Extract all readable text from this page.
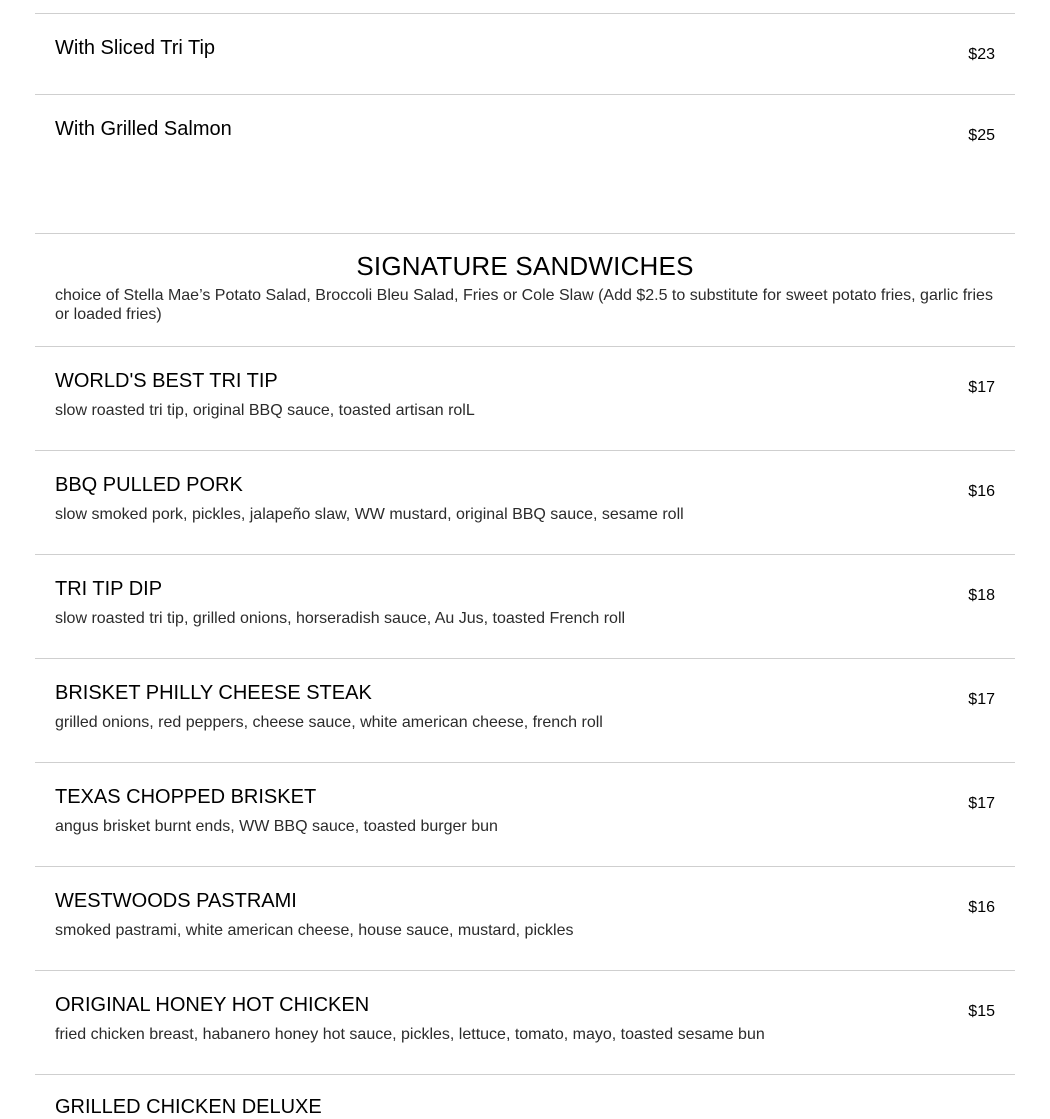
With Sliced Tri Tip	$23
With Grilled Salmon	$25
SIGNATURE SANDWICHES
choice of Stella Mae’s Potato Salad, Broccoli Bleu Salad, Fries or Cole Slaw (Add $2.5 to substitute for sweet potato fries, garlic fries or loaded fries)
WORLD'S BEST TRI TIP
slow roasted tri tip, original BBQ sauce, toasted artisan rolL
$17
BBQ PULLED PORK
slow smoked pork, pickles, jalapeño slaw, WW mustard, original BBQ sauce, sesame roll
$16
TRI TIP DIP
slow roasted tri tip, grilled onions, horseradish sauce, Au Jus, toasted French roll
$18
BRISKET PHILLY CHEESE STEAK
grilled onions, red peppers, cheese sauce, white american cheese, french roll
$17
TEXAS CHOPPED BRISKET
angus brisket burnt ends, WW BBQ sauce, toasted burger bun
$17
WESTWOODS PASTRAMI
smoked pastrami, white american cheese, house sauce, mustard, pickles
$16
ORIGINAL HONEY HOT CHICKEN
fried chicken breast, habanero honey hot sauce, pickles, lettuce, tomato, mayo, toasted sesame bun
$15
GRILLED CHICKEN DELUXE
